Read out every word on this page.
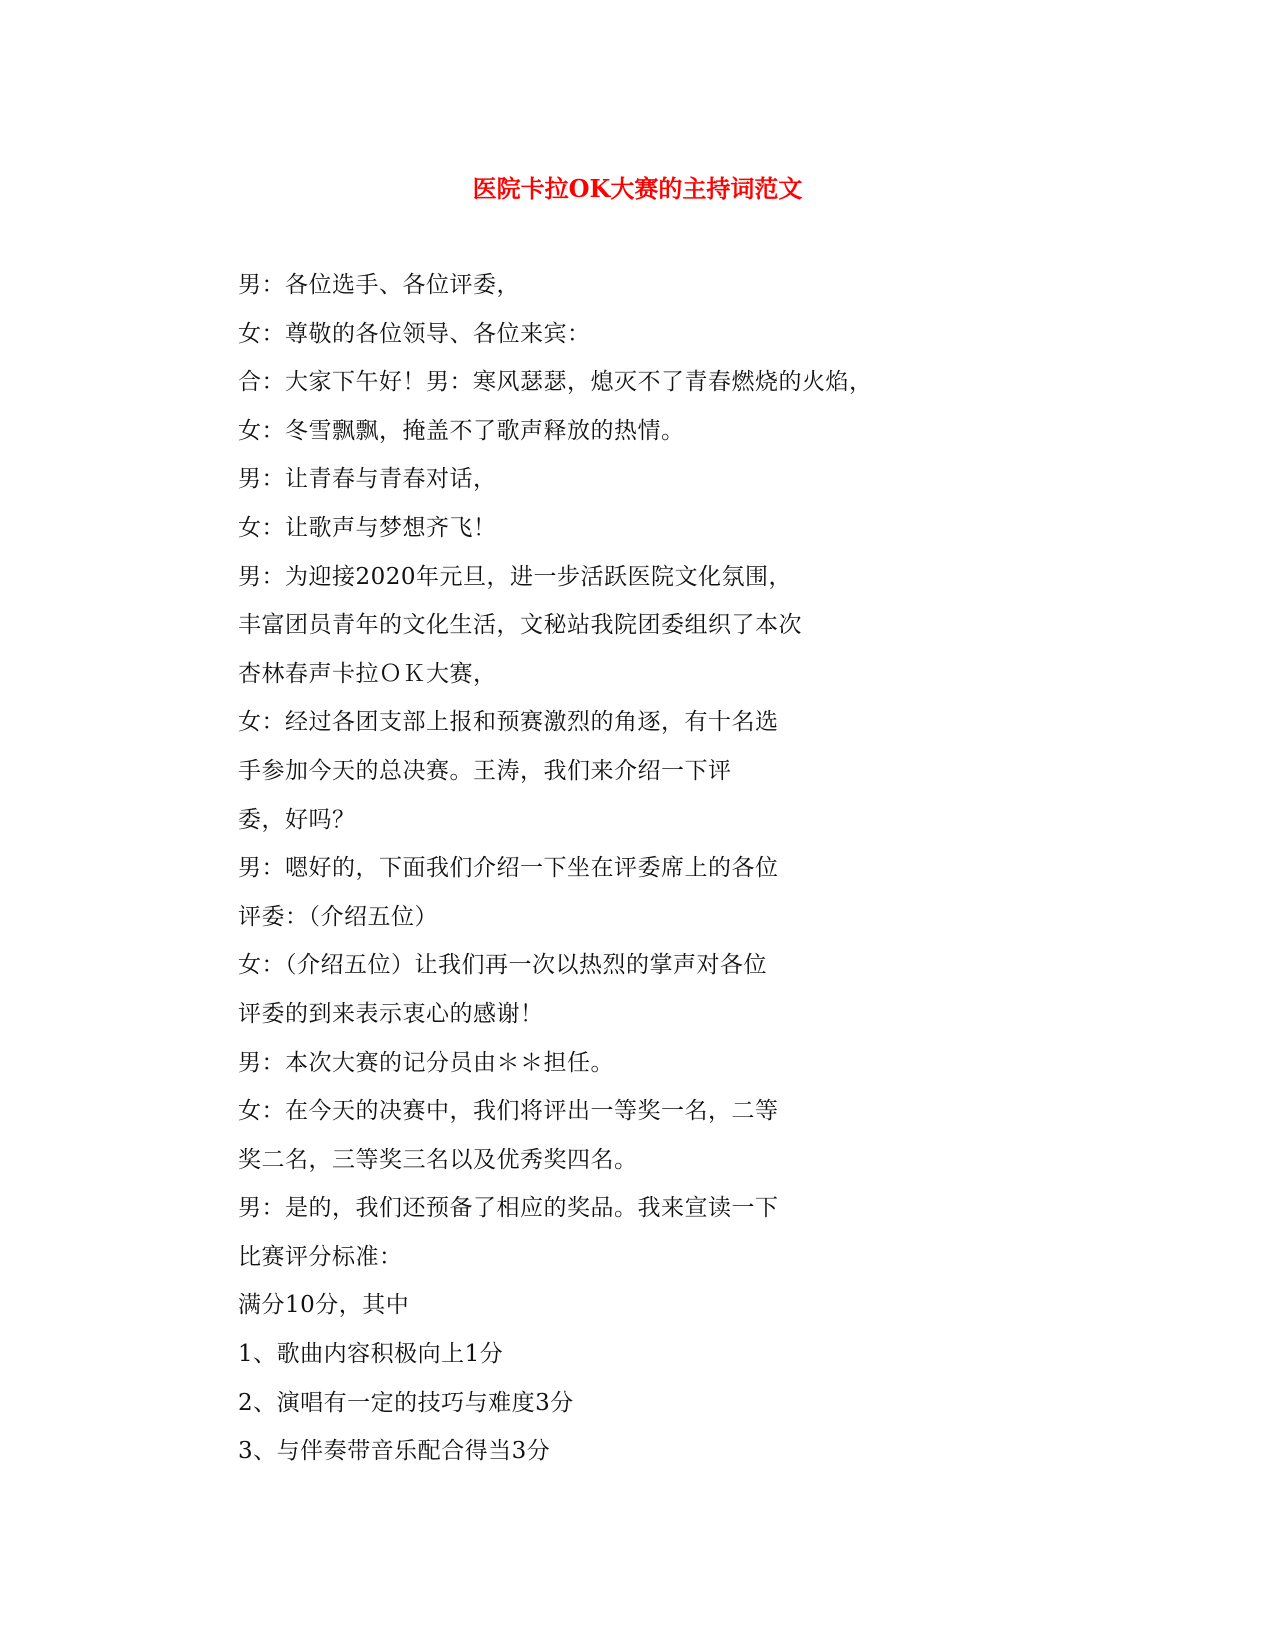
医院卡拉OK大赛的主持词范文
男：各位选手、各位评委，
女：尊敬的各位领导、各位来宾：
合：大家下午好！男：寒风瑟瑟，熄灭不了青春燃烧的火焰，
女：冬雪飘飘，掩盖不了歌声释放的热情。
男：让青春与青春对话，
女：让歌声与梦想齐飞！
男：为迎接2020年元旦，进一步活跃医院文化氛围，
丰富团员青年的文化生活，文秘站我院团委组织了本次
杏林春声卡拉ＯＫ大赛，
女：经过各团支部上报和预赛激烈的角逐，有十名选
手参加今天的总决赛。王涛，我们来介绍一下评
委，好吗？
男：嗯好的，下面我们介绍一下坐在评委席上的各位
评委：（介绍五位）
女：（介绍五位）让我们再一次以热烈的掌声对各位
评委的到来表示衷心的感谢！
男：本次大赛的记分员由＊＊担任。
女：在今天的决赛中，我们将评出一等奖一名，二等
奖二名，三等奖三名以及优秀奖四名。
男：是的，我们还预备了相应的奖品。我来宣读一下
比赛评分标准：
满分10分，其中
1、歌曲内容积极向上1分
2、演唱有一定的技巧与难度3分
3、与伴奏带音乐配合得当3分
